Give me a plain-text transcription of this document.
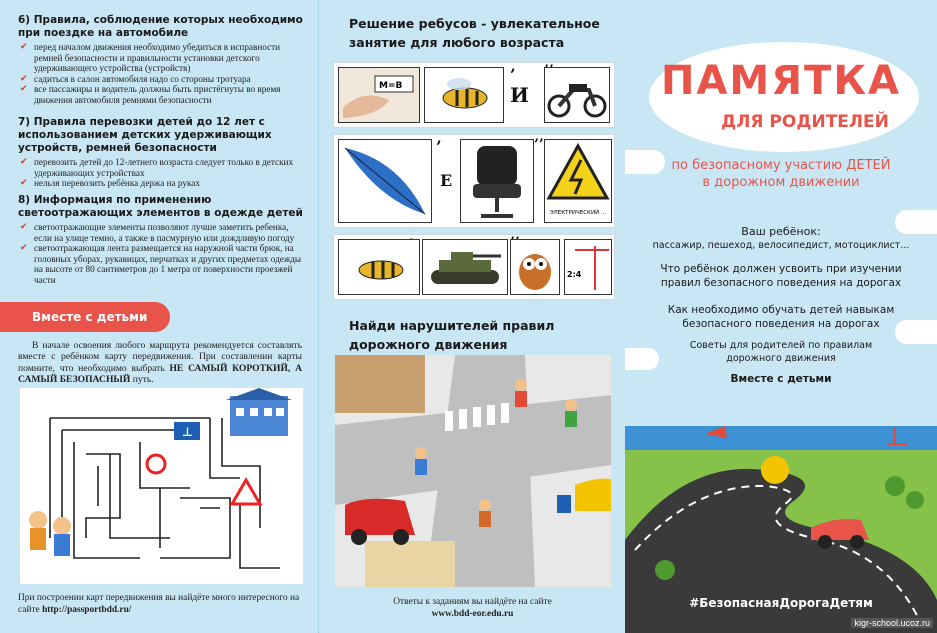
6) Правила, соблюдение которых необходимо при поездке на автомобиле

✔ перед началом движения необходимо убедиться в исправности ремней безопасности и правильности установки детского удерживающего устройства (устройств)
✔ садиться в салон автомобиля надо со стороны тротуара
✔ все пассажиры и водитель должны быть пристёгнуты во время движения автомобиля ремнями безопасности

7) Правила перевозки детей до 12 лет с использованием детских удерживающих устройств, ремней безопасности

✔ перевозить детей до 12-летнего возраста следует только в детских удерживающих устройствах
✔ нельзя перевозить ребёнка держа на руках

8) Информация по применению светоотражающих элементов в одежде детей

✔ светоотражающие элементы позволяют лучше заметить ребенка, если на улице темно, а также в пасмурную или дождливую погоду
✔ светоотражающая лента размещается на наружной части брюк, на головных уборах, рукавицах, перчатках и других предметах одежды на высоте от 80 сантиметров до 1 метра от поверхности проезжей части
Вместе с детьми
В начале освоения любого маршрута рекомендуется составлять вместе с ребёнком карту передвижения. При составлении карты помните, что необходимо выбрать НЕ САМЫЙ КОРОТКИЙ, А САМЫЙ БЕЗОПАСНЫЙ путь.
⊥
При построении карт передвижения вы найдёте много интересного на сайте http://passportbdd.ru/
Решение ребусов - увлекательное занятие для любого возраста
М=В
’
И
’
Е
’’
ЭЛЕКТРИЧЕСКИЙ ...
2:4
Найди нарушителей правил дорожного движения
Ответы к заданиям вы найдёте на сайте
www.bdd-eor.edu.ru
ПАМЯТКА
ДЛЯ РОДИТЕЛЕЙ
по безопасному участию ДЕТЕЙ
в дорожном движении
Ваш ребёнок:
пассажир, пешеход, велосипедист, мотоциклист...
Что ребёнок должен усвоить при изучении правил безопасного поведения на дорогах
Как необходимо обучать детей навыкам безопасного поведения на дорогах
Советы для родителей по правилам дорожного движения
Вместе с детьми
#БезопаснаяДорогаДетям
kigr-school.ucoz.ru
